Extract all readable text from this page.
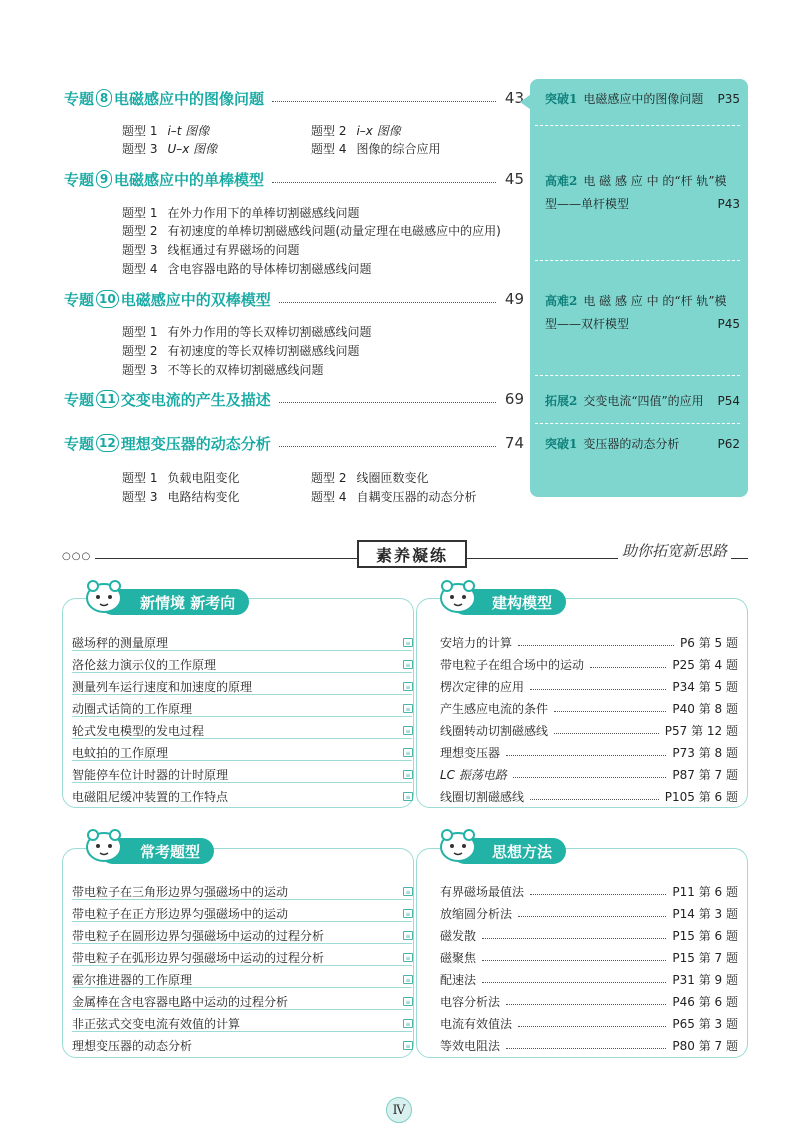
专题 8 电磁感应中的图像问题	43
题型 1 i–t 图像	题型 2 i–x 图像
题型 3 U–x 图像	题型 4 图像的综合应用
专题 9 电磁感应中的单棒模型	45
题型 1 在外力作用下的单棒切割磁感线问题
题型 2 有初速度的单棒切割磁感线问题(动量定理在电磁感应中的应用)
题型 3 线框通过有界磁场的问题
题型 4 含电容器电路的导体棒切割磁感线问题
专题 10 电磁感应中的双棒模型	49
题型 1 有外力作用的等长双棒切割磁感线问题
题型 2 有初速度的等长双棒切割磁感线问题
题型 3 不等长的双棒切割磁感线问题
专题 11 交变电流的产生及描述	69
专题 12 理想变压器的动态分析	74
题型 1 负载电阻变化	题型 2 线圈匝数变化
题型 3 电路结构变化	题型 4 自耦变压器的动态分析
突破1 电磁感应中的图像问题 P35
高难2 电 磁 感 应 中 的“杆 轨”模
型——单杆模型	P43
高难2 电 磁 感 应 中 的“杆 轨”模
型——双杆模型	P45
拓展2 交变电流“四值”的应用 P54
突破1 变压器的动态分析	P62
○○○	素养凝练	助你拓宽新思路
新情境 新考向
磁场秤的测量原理	≡
洛伦兹力演示仪的工作原理	≡
测量列车运行速度和加速度的原理	≡
动圈式话筒的工作原理	≡
轮式发电模型的发电过程	≡
电蚊拍的工作原理	≡
智能停车位计时器的计时原理	≡
电磁阻尼缓冲装置的工作特点	≡
建构模型
安培力的计算	P6 第 5 题
带电粒子在组合场中的运动	P25 第 4 题
楞次定律的应用	P34 第 5 题
产生感应电流的条件	P40 第 8 题
线圈转动切割磁感线	P57 第 12 题
理想变压器	P73 第 8 题
LC 振荡电路	P87 第 7 题
线圈切割磁感线	P105 第 6 题
常考题型
带电粒子在三角形边界匀强磁场中的运动	≡
带电粒子在正方形边界匀强磁场中的运动	≡
带电粒子在圆形边界匀强磁场中运动的过程分析	≡
带电粒子在弧形边界匀强磁场中运动的过程分析	≡
霍尔推进器的工作原理	≡
金属棒在含电容器电路中运动的过程分析	≡
非正弦式交变电流有效值的计算	≡
理想变压器的动态分析	≡
思想方法
有界磁场最值法	P11 第 6 题
放缩圆分析法	P14 第 3 题
磁发散	P15 第 6 题
磁聚焦	P15 第 7 题
配速法	P31 第 9 题
电容分析法	P46 第 6 题
电流有效值法	P65 第 3 题
等效电阻法	P80 第 7 题
Ⅳ
